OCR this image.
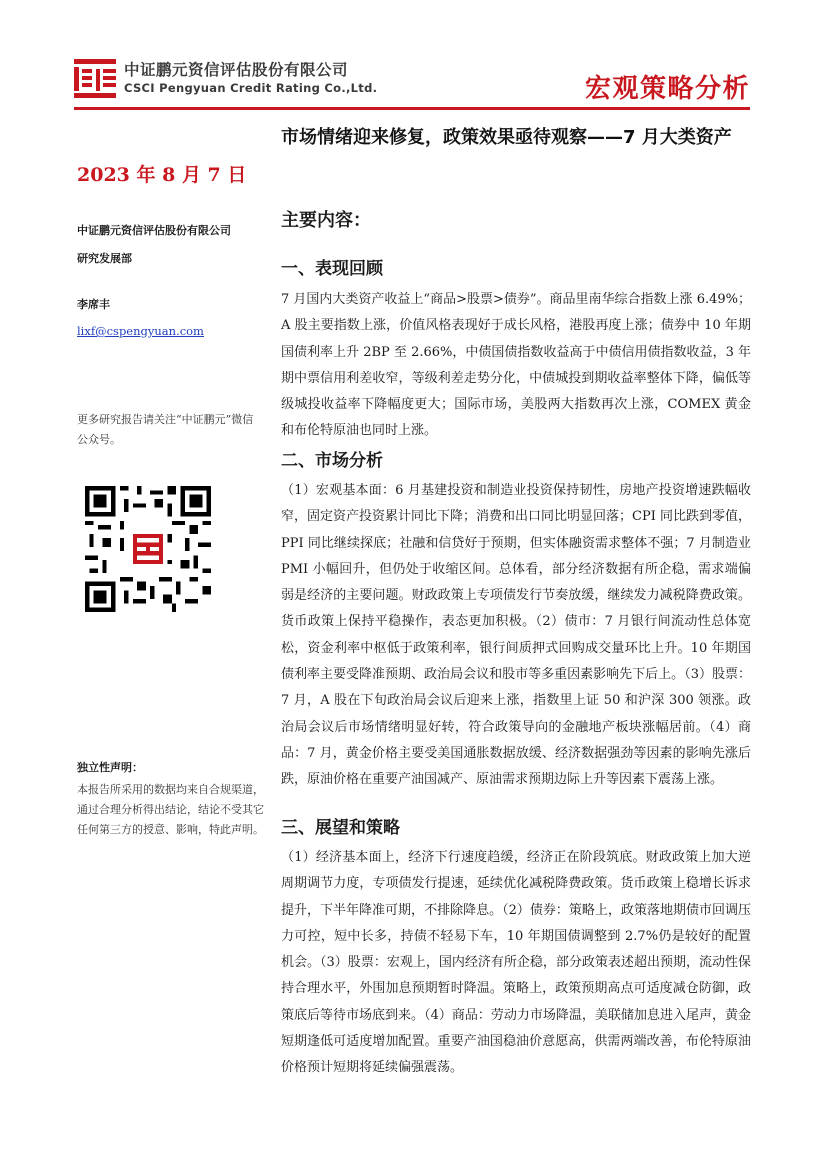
中证鹏元资信评估股份有限公司
CSCI Pengyuan Credit Rating Co.,Ltd.	宏观策略分析
2023 年 8 月 7 日
中证鹏元资信评估股份有限公司
研究发展部
李席丰
lixf@cspengyuan.com
更多研究报告请关注“中证鹏元”微信公众号。
独立性声明：
本报告所采用的数据均来自合规渠道，通过合理分析得出结论，结论不受其它任何第三方的授意、影响，特此声明。
市场情绪迎来修复，政策效果亟待观察——7 月大类资产
主要内容：
一、表现回顾
7 月国内大类资产收益上“商品>股票>债券”。商品里南华综合指数上涨 6.49%；A 股主要指数上涨，价值风格表现好于成长风格，港股再度上涨；债券中 10 年期国债利率上升 2BP 至 2.66%，中债国债指数收益高于中债信用债指数收益，3 年期中票信用利差收窄，等级利差走势分化，中债城投到期收益率整体下降，偏低等级城投收益率下降幅度更大；国际市场，美股两大指数再次上涨，COMEX 黄金和布伦特原油也同时上涨。
二、市场分析
（1）宏观基本面：6 月基建投资和制造业投资保持韧性，房地产投资增速跌幅收窄，固定资产投资累计同比下降；消费和出口同比明显回落；CPI 同比跌到零值，PPI 同比继续探底；社融和信贷好于预期，但实体融资需求整体不强；7 月制造业 PMI 小幅回升，但仍处于收缩区间。总体看，部分经济数据有所企稳，需求端偏弱是经济的主要问题。财政政策上专项债发行节奏放缓，继续发力减税降费政策。货币政策上保持平稳操作，表态更加积极。（2）债市：7 月银行间流动性总体宽松，资金利率中枢低于政策利率，银行间质押式回购成交量环比上升。10 年期国债利率主要受降准预期、政治局会议和股市等多重因素影响先下后上。（3）股票：7 月，A 股在下旬政治局会议后迎来上涨，指数里上证 50 和沪深 300 领涨。政治局会议后市场情绪明显好转，符合政策导向的金融地产板块涨幅居前。（4）商品：7 月，黄金价格主要受美国通胀数据放缓、经济数据强劲等因素的影响先涨后跌，原油价格在重要产油国减产、原油需求预期边际上升等因素下震荡上涨。
三、展望和策略
（1）经济基本面上，经济下行速度趋缓，经济正在阶段筑底。财政政策上加大逆周期调节力度，专项债发行提速，延续优化减税降费政策。货币政策上稳增长诉求提升，下半年降准可期，不排除降息。（2）债券：策略上，政策落地期债市回调压力可控，短中长多，持债不轻易下车，10 年期国债调整到 2.7%仍是较好的配置机会。（3）股票：宏观上，国内经济有所企稳，部分政策表述超出预期，流动性保持合理水平，外围加息预期暂时降温。策略上，政策预期高点可适度减仓防御，政策底后等待市场底到来。（4）商品：劳动力市场降温，美联储加息进入尾声，黄金短期逢低可适度增加配置。重要产油国稳油价意愿高，供需两端改善，布伦特原油价格预计短期将延续偏强震荡。
